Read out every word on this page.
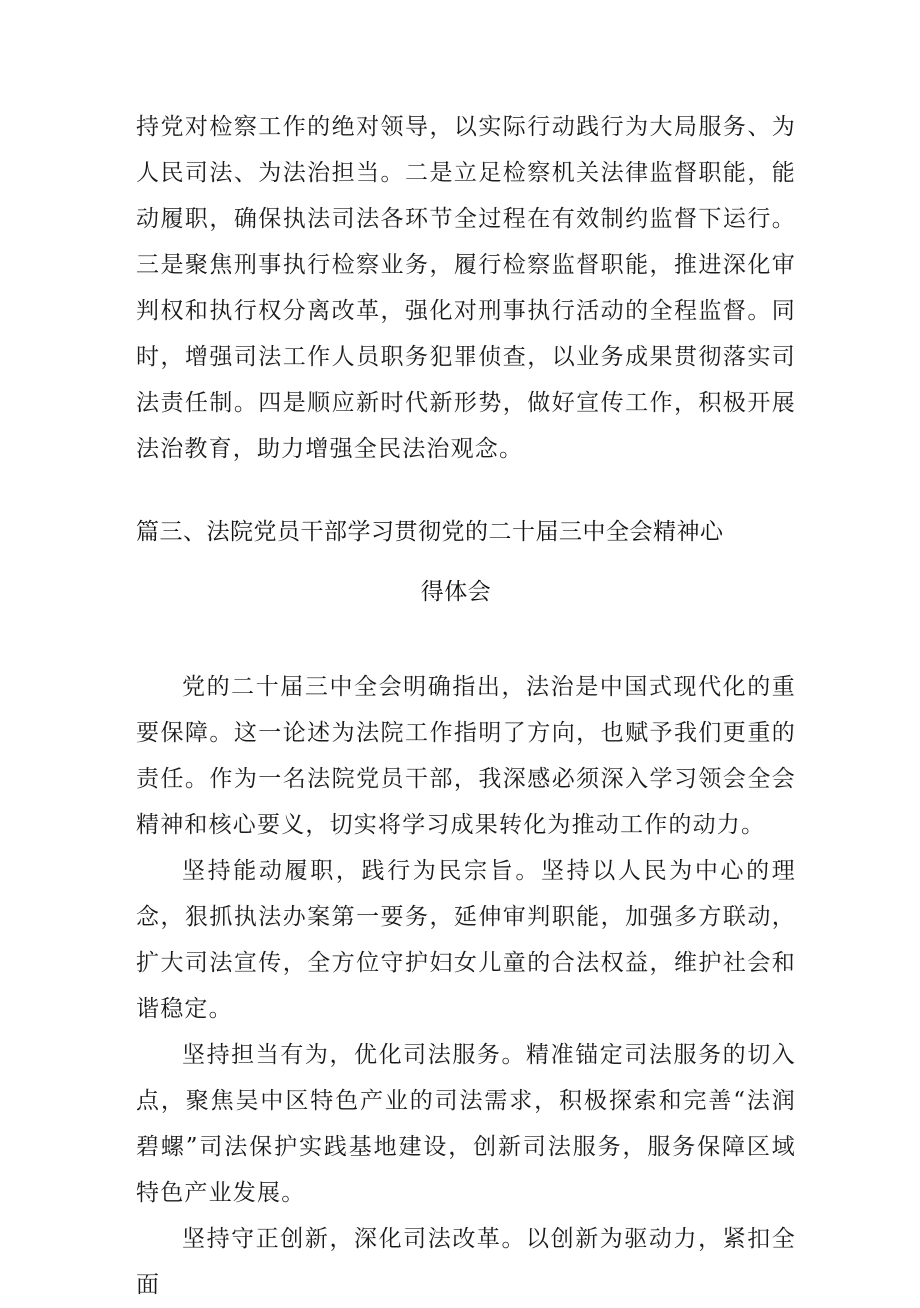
持党对检察工作的绝对领导，以实际行动践行为大局服务、为人民司法、为法治担当。二是立足检察机关法律监督职能，能动履职，确保执法司法各环节全过程在有效制约监督下运行。三是聚焦刑事执行检察业务，履行检察监督职能，推进深化审判权和执行权分离改革，强化对刑事执行活动的全程监督。同时，增强司法工作人员职务犯罪侦查，以业务成果贯彻落实司法责任制。四是顺应新时代新形势，做好宣传工作，积极开展法治教育，助力增强全民法治观念。

篇三、法院党员干部学习贯彻党的二十届三中全会精神心
得体会

党的二十届三中全会明确指出，法治是中国式现代化的重要保障。这一论述为法院工作指明了方向，也赋予我们更重的责任。作为一名法院党员干部，我深感必须深入学习领会全会精神和核心要义，切实将学习成果转化为推动工作的动力。

坚持能动履职，践行为民宗旨。坚持以人民为中心的理念，狠抓执法办案第一要务，延伸审判职能，加强多方联动，扩大司法宣传，全方位守护妇女儿童的合法权益，维护社会和谐稳定。

坚持担当有为，优化司法服务。精准锚定司法服务的切入点，聚焦吴中区特色产业的司法需求，积极探索和完善“法润碧螺”司法保护实践基地建设，创新司法服务，服务保障区域特色产业发展。

坚持守正创新，深化司法改革。以创新为驱动力，紧扣全面
